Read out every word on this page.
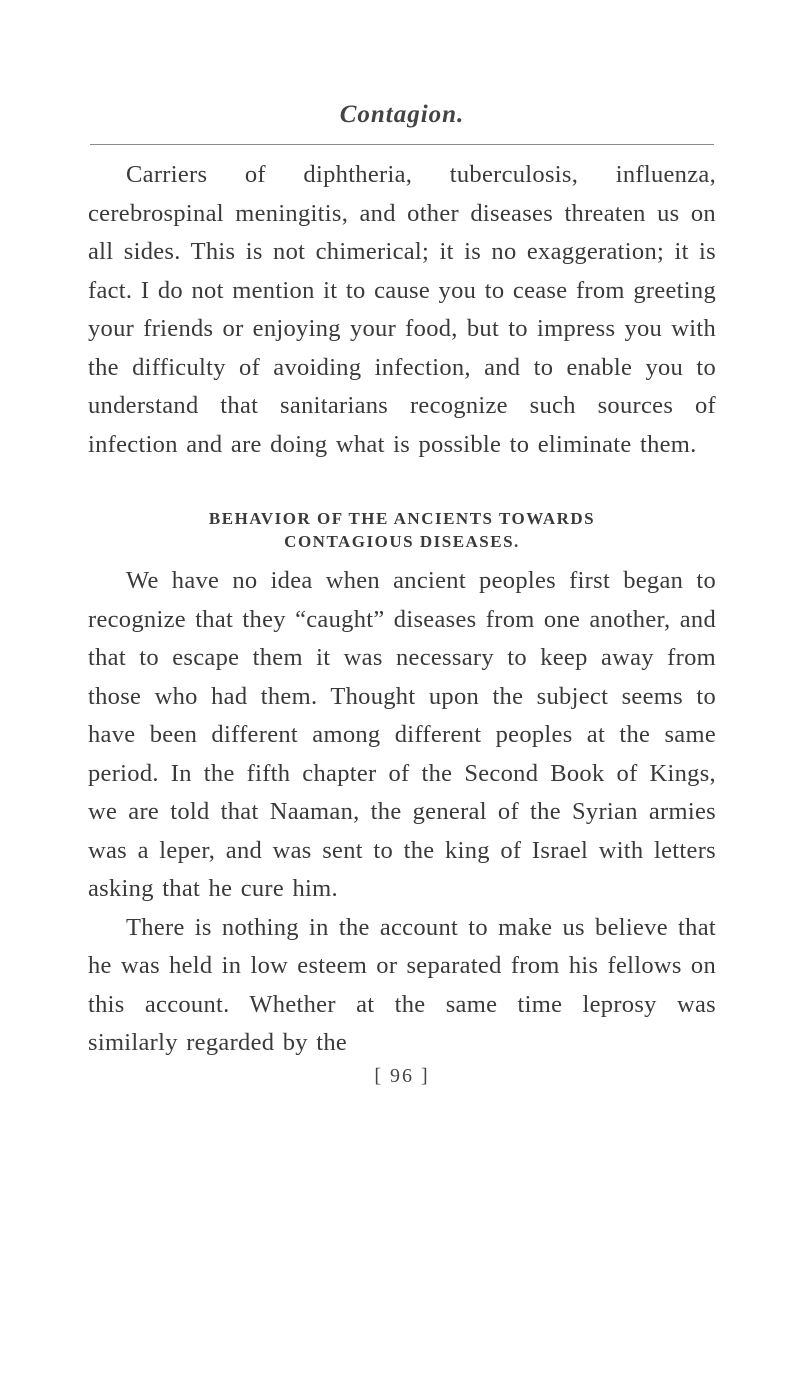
Contagion.

Carriers of diphtheria, tuberculosis, influenza, cerebrospinal meningitis, and other diseases threaten us on all sides. This is not chimerical; it is no exaggeration; it is fact. I do not mention it to cause you to cease from greeting your friends or enjoying your food, but to impress you with the difficulty of avoiding infection, and to enable you to understand that sanitarians recognize such sources of infection and are doing what is possible to eliminate them.

BEHAVIOR OF THE ANCIENTS TOWARDS
CONTAGIOUS DISEASES.

We have no idea when ancient peoples first began to recognize that they “caught” diseases from one another, and that to escape them it was necessary to keep away from those who had them. Thought upon the subject seems to have been different among different peoples at the same period. In the fifth chapter of the Second Book of Kings, we are told that Naaman, the general of the Syrian armies was a leper, and was sent to the king of Israel with letters asking that he cure him.

There is nothing in the account to make us believe that he was held in low esteem or separated from his fellows on this account. Whether at the same time leprosy was similarly regarded by the

[ 96 ]
